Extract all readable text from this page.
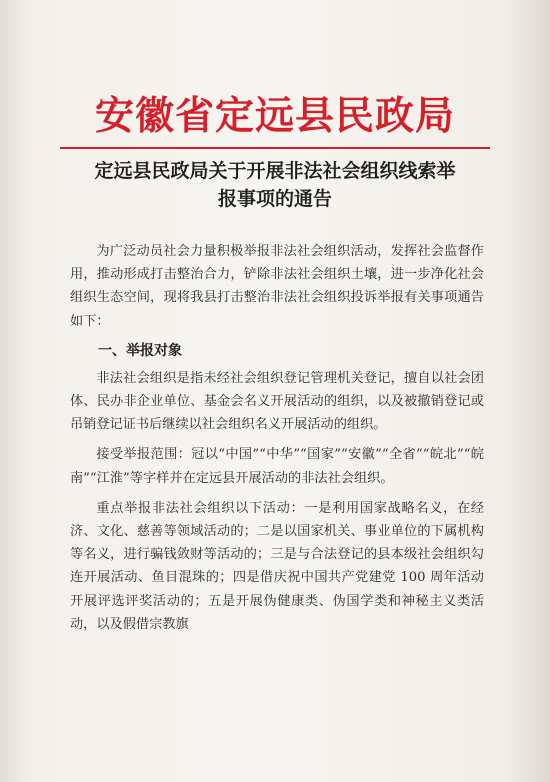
安徽省定远县民政局
定远县民政局关于开展非法社会组织线索举
报事项的通告

为广泛动员社会力量积极举报非法社会组织活动，发挥社会监督作用，推动形成打击整治合力，铲除非法社会组织土壤，进一步净化社会组织生态空间，现将我县打击整治非法社会组织投诉举报有关事项通告如下：

一、举报对象

非法社会组织是指未经社会组织登记管理机关登记，擅自以社会团体、民办非企业单位、基金会名义开展活动的组织，以及被撤销登记或吊销登记证书后继续以社会组织名义开展活动的组织。

接受举报范围：冠以“中国”“中华”“国家”“安徽”“全省”“皖北”“皖南”“江淮”等字样并在定远县开展活动的非法社会组织。

重点举报非法社会组织以下活动：一是利用国家战略名义，在经济、文化、慈善等领域活动的；二是以国家机关、事业单位的下属机构等名义，进行骗钱敛财等活动的；三是与合法登记的县本级社会组织勾连开展活动、鱼目混珠的；四是借庆祝中国共产党建党 100 周年活动开展评选评奖活动的；五是开展伪健康类、伪国学类和神秘主义类活动，以及假借宗教旗
